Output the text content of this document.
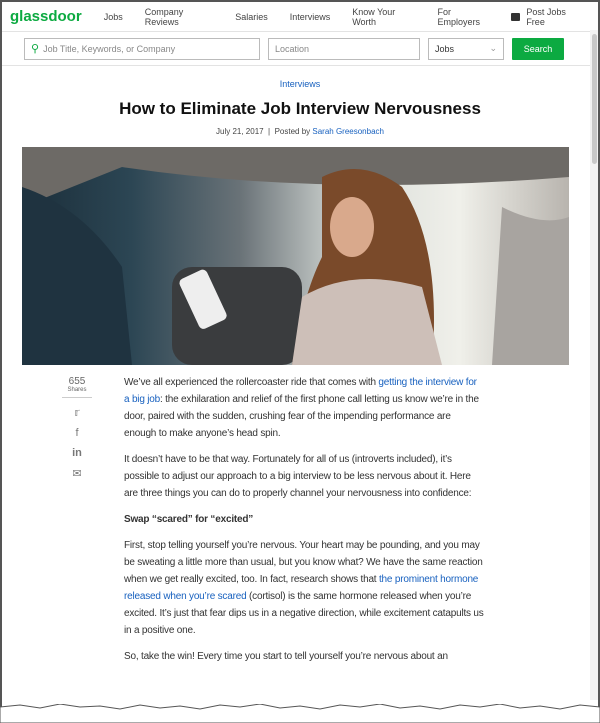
glassdoor Jobs Company Reviews	Salaries Interviews Know Your Worth
For Employers
Post Jobs Free
⚲ Job Title, Keywords, or Company	Location	Jobs	⌄	Search
Interviews
How to Eliminate Job Interview Nervousness
July 21, 2017  |  Posted by Sarah Greesonbach
655
Shares
𝕣
f
in
✉

We’ve all experienced the rollercoaster ride that comes with getting the interview for a big job: the exhilaration and relief of the first phone call letting us know we’re in the door, paired with the sudden, crushing fear of the impending performance are enough to make anyone’s head spin.

It doesn’t have to be that way. Fortunately for all of us (introverts included), it’s possible to adjust our approach to a big interview to be less nervous about it. Here are three things you can do to properly channel your nervousness into confidence:

Swap “scared” for “excited”

First, stop telling yourself you’re nervous. Your heart may be pounding, and you may be sweating a little more than usual, but you know what? We have the same reaction when we get really excited, too. In fact, research shows that the prominent hormone released when you’re scared (cortisol) is the same hormone released when you’re excited. It’s just that fear dips us in a negative direction, while excitement catapults us in a positive one.

So, take the win! Every time you start to tell yourself you’re nervous about an
